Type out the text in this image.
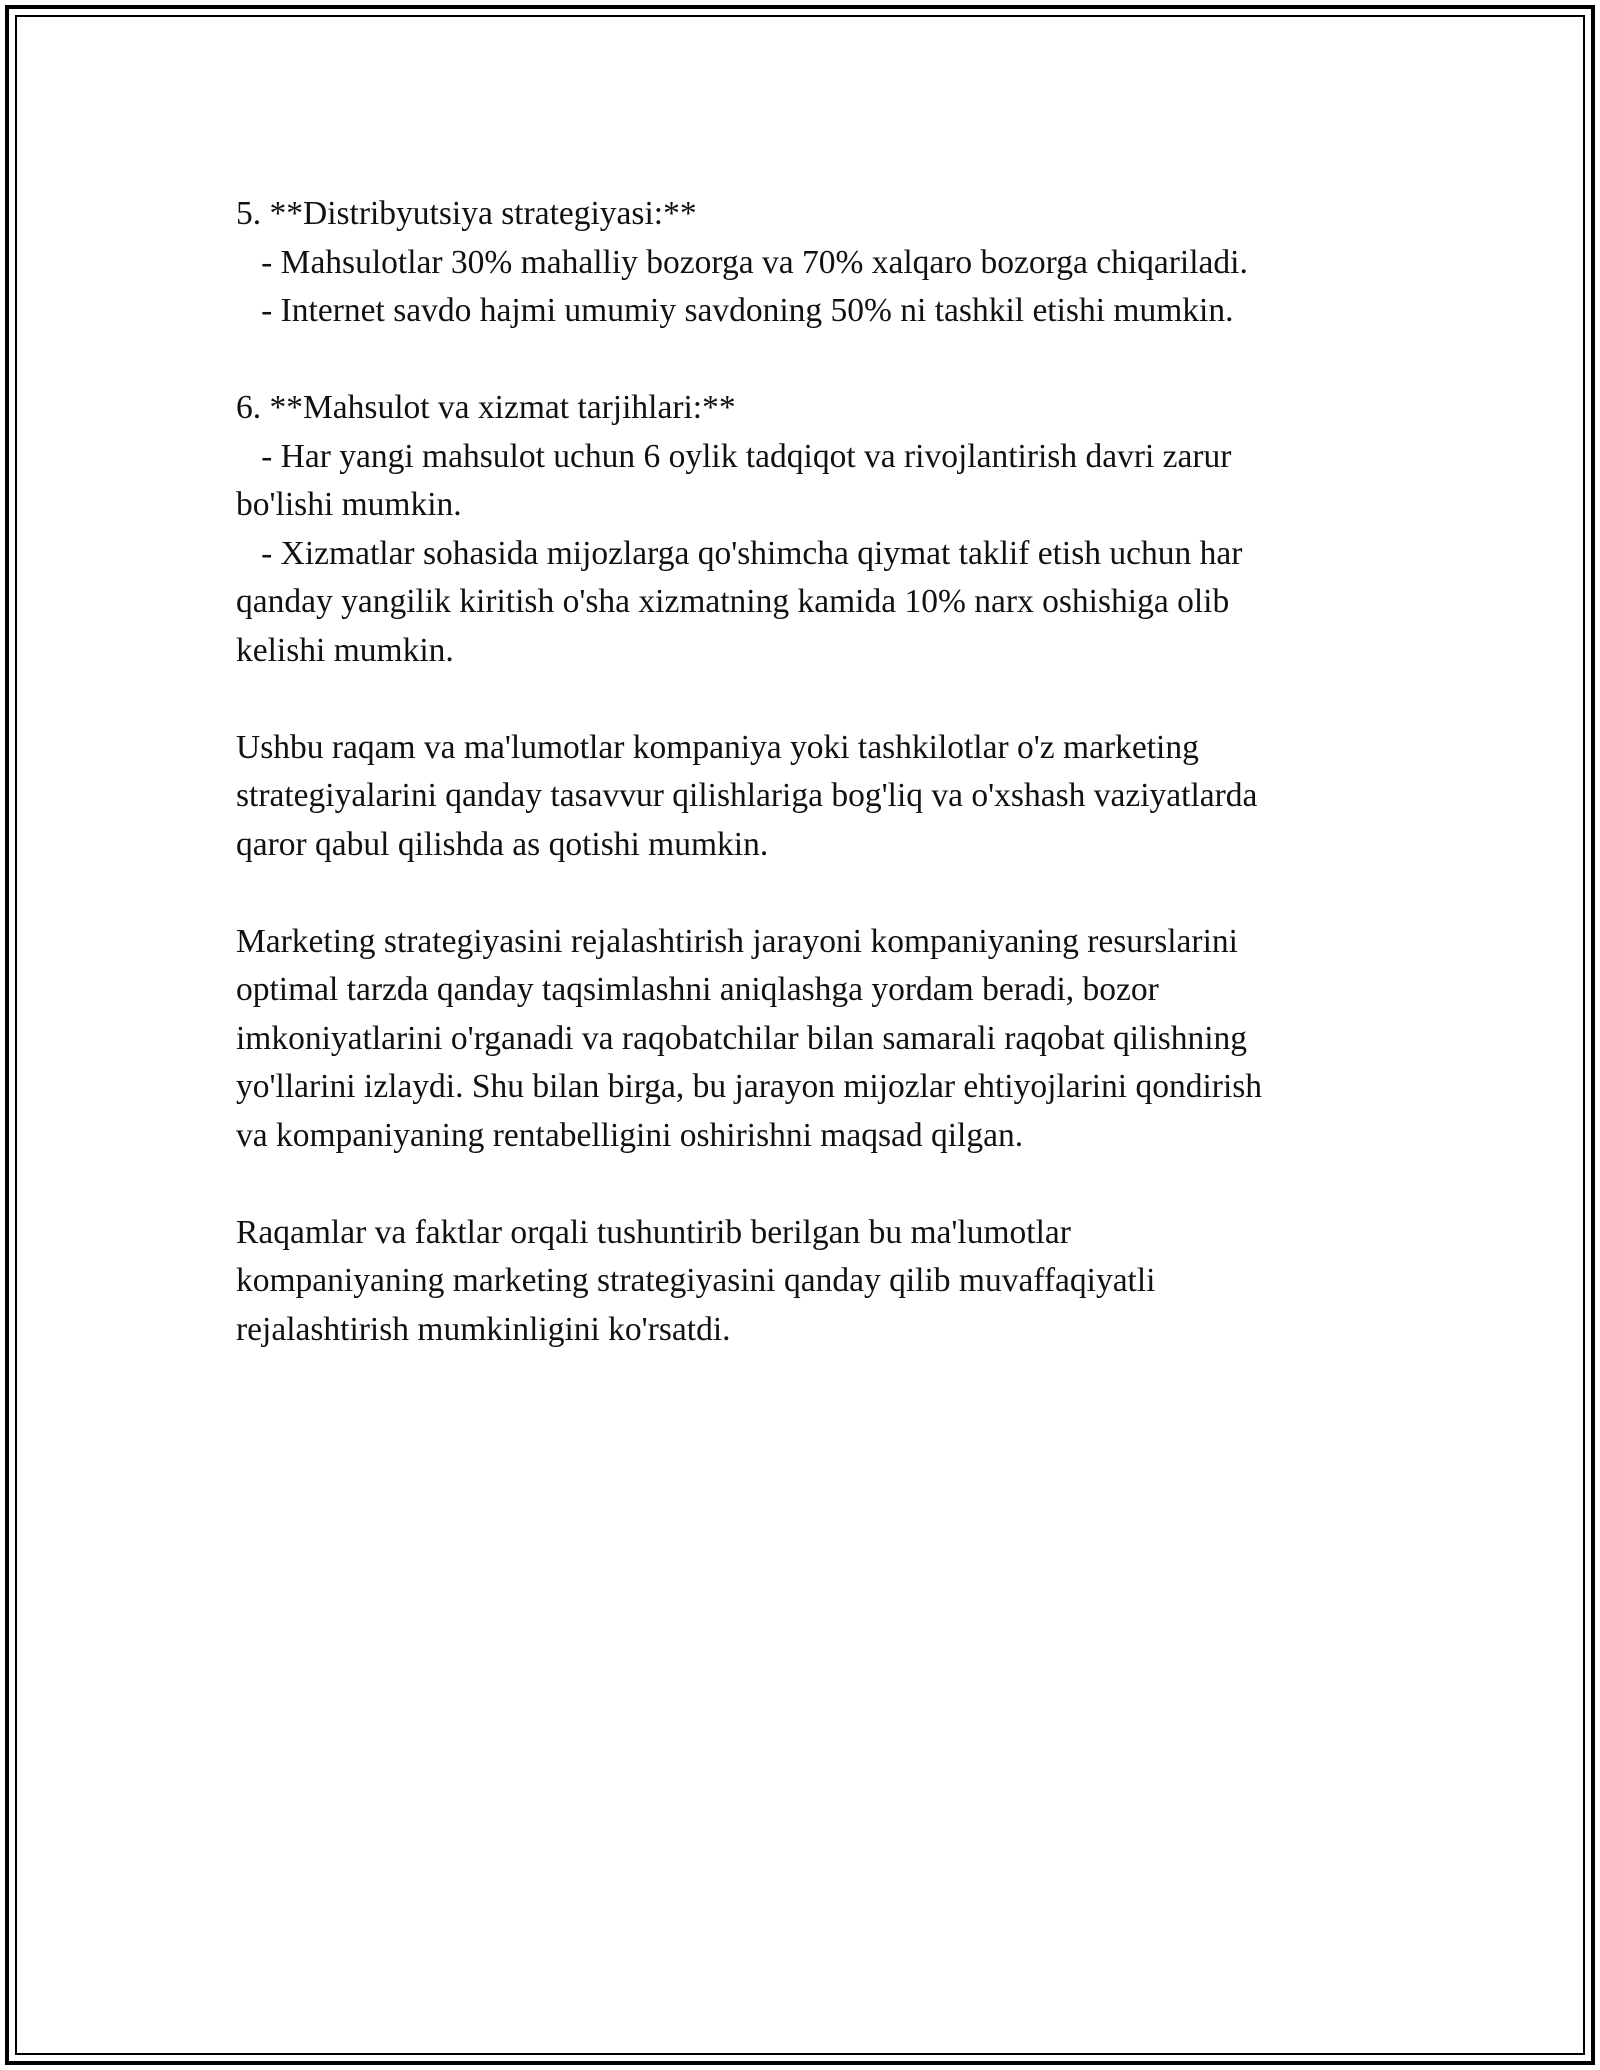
5. **Distribyutsiya strategiyasi:**
- Mahsulotlar 30% mahalliy bozorga va 70% xalqaro bozorga chiqariladi.
- Internet savdo hajmi umumiy savdoning 50% ni tashkil etishi mumkin.
6. **Mahsulot va xizmat tarjihlari:**
- Har yangi mahsulot uchun 6 oylik tadqiqot va rivojlantirish davri zarur
bo'lishi mumkin.
- Xizmatlar sohasida mijozlarga qo'shimcha qiymat taklif etish uchun har
qanday yangilik kiritish o'sha xizmatning kamida 10% narx oshishiga olib
kelishi mumkin.
Ushbu raqam va ma'lumotlar kompaniya yoki tashkilotlar o'z marketing
strategiyalarini qanday tasavvur qilishlariga bog'liq va o'xshash vaziyatlarda
qaror qabul qilishda as qotishi mumkin.
Marketing strategiyasini rejalashtirish jarayoni kompaniyaning resurslarini
optimal tarzda qanday taqsimlashni aniqlashga yordam beradi, bozor
imkoniyatlarini o'rganadi va raqobatchilar bilan samarali raqobat qilishning
yo'llarini izlaydi. Shu bilan birga, bu jarayon mijozlar ehtiyojlarini qondirish
va kompaniyaning rentabelligini oshirishni maqsad qilgan.
Raqamlar va faktlar orqali tushuntirib berilgan bu ma'lumotlar
kompaniyaning marketing strategiyasini qanday qilib muvaffaqiyatli
rejalashtirish mumkinligini ko'rsatdi.
